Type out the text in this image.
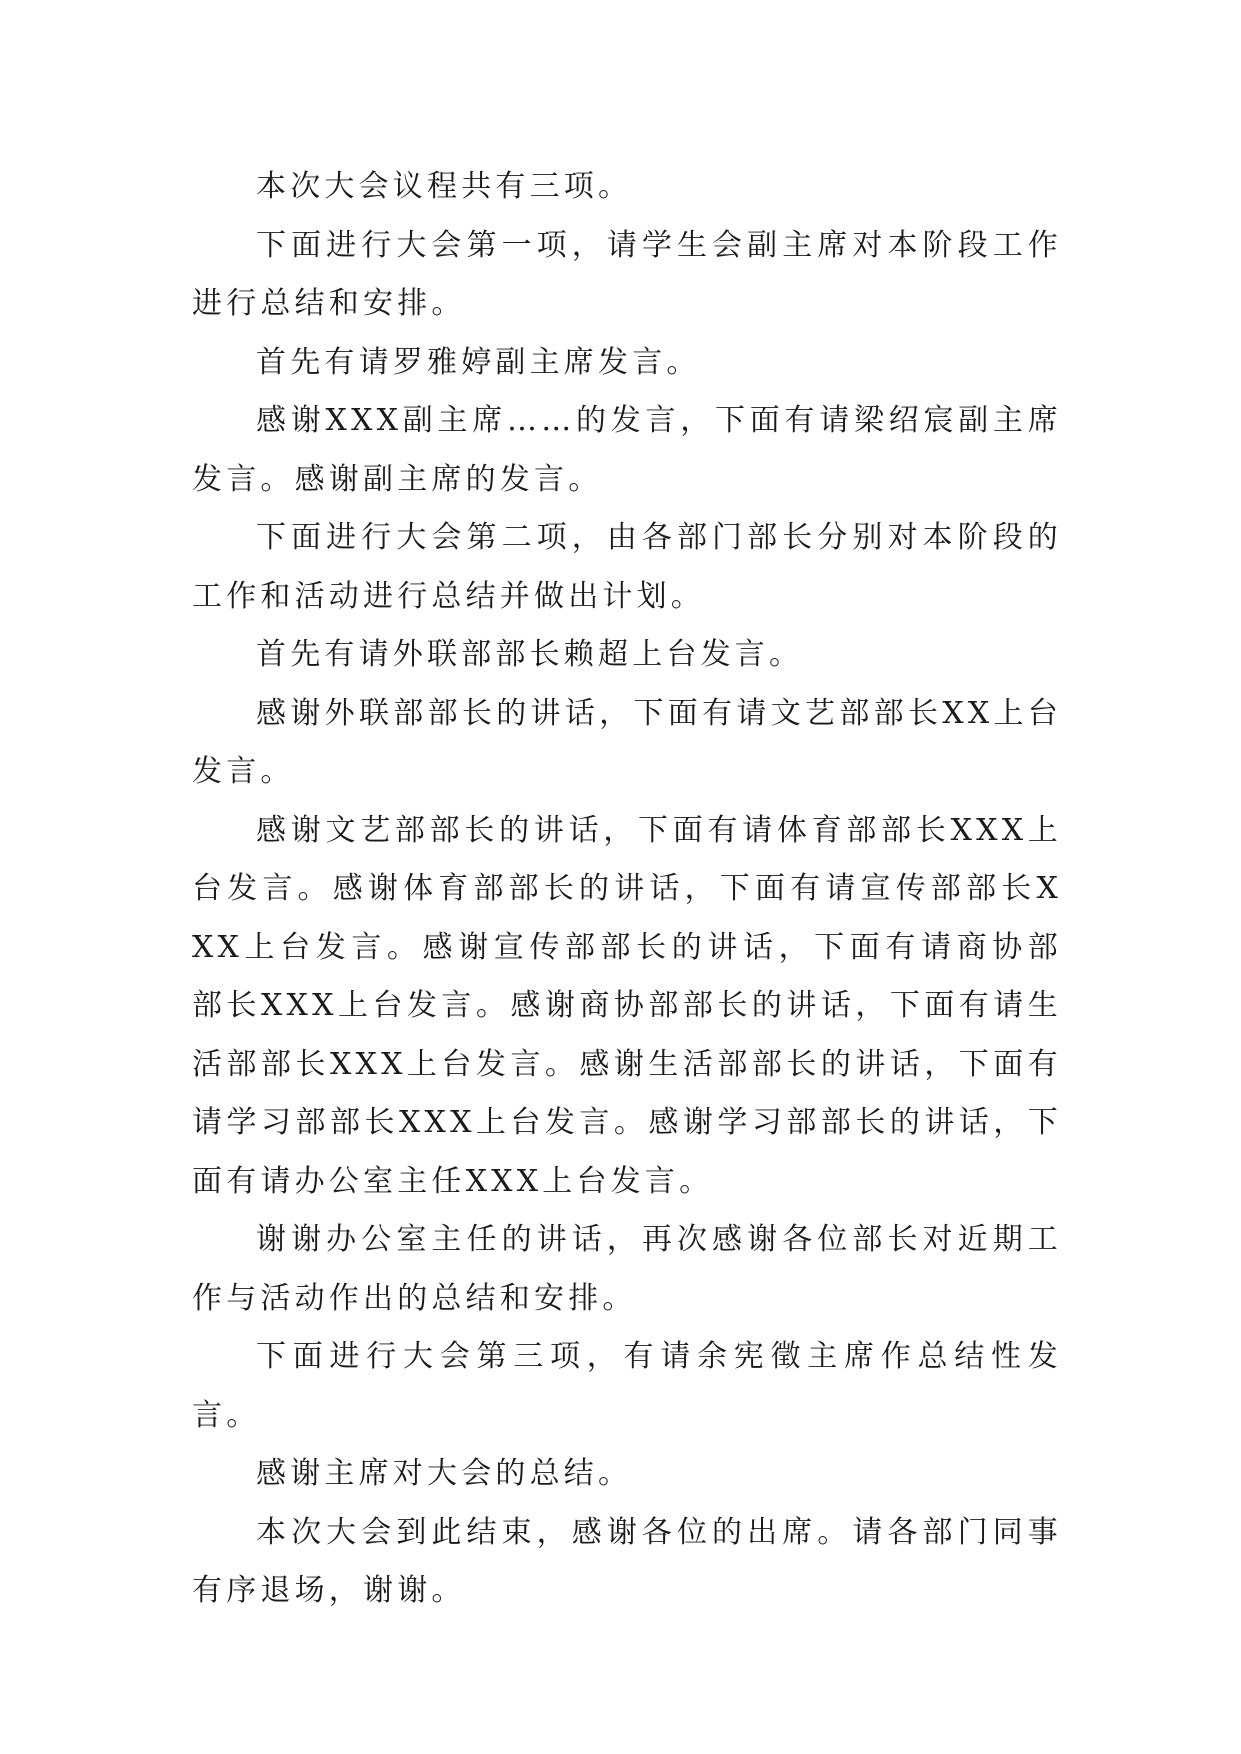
本次大会议程共有三项。

下面进行大会第一项，请学生会副主席对本阶段工作进行总结和安排。

首先有请罗雅婷副主席发言。

感谢XXX副主席……的发言，下面有请梁绍宸副主席发言。感谢副主席的发言。

下面进行大会第二项，由各部门部长分别对本阶段的工作和活动进行总结并做出计划。

首先有请外联部部长赖超上台发言。

感谢外联部部长的讲话，下面有请文艺部部长XX上台发言。

感谢文艺部部长的讲话，下面有请体育部部长XXX上台发言。感谢体育部部长的讲话，下面有请宣传部部长XXX上台发言。感谢宣传部部长的讲话，下面有请商协部部长XXX上台发言。感谢商协部部长的讲话，下面有请生活部部长XXX上台发言。感谢生活部部长的讲话，下面有请学习部部长XXX上台发言。感谢学习部部长的讲话，下面有请办公室主任XXX上台发言。

谢谢办公室主任的讲话，再次感谢各位部长对近期工作与活动作出的总结和安排。

下面进行大会第三项，有请余宪徵主席作总结性发言。

感谢主席对大会的总结。

本次大会到此结束，感谢各位的出席。请各部门同事有序退场，谢谢。
